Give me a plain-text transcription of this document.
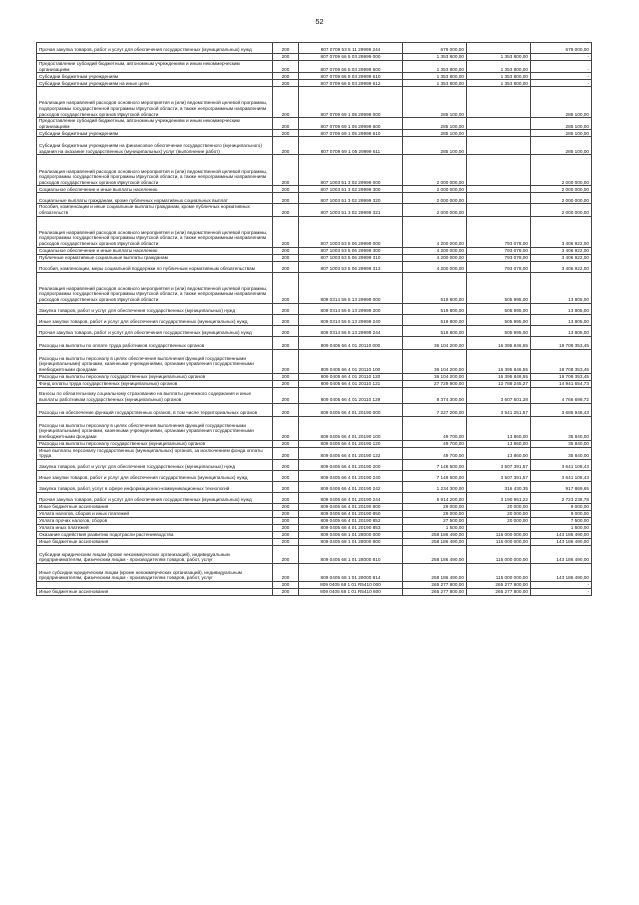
52
Прочая закупка товаров, работ и услуг для обеспечения государственных (муниципальных) нужд	200	807 0709 53 5 11 29999 244	679 000,00		679 000,00
	200	807 0709 66 5 03 29999 000	1 353 800,00	1 353 800,00	-
Предоставление субсидий бюджетным, автономным учреждениям и иным некоммерческим организациям	200	807 0709 66 5 03 29999 600	1 353 800,00	1 353 800,00	-
Субсидии бюджетным учреждениям	200	807 0709 66 5 03 29999 610	1 353 800,00	1 353 800,00	-
Субсидии бюджетным учреждениям на иные цели	200	807 0709 66 5 03 29999 612	1 353 800,00	1 353 800,00	-
Реализация направлений расходов основного мероприятия и (или) ведомственной целевой программы, подпрограммы государственной программы Иркутской области, а также непрограммным направлениям расходов государственных органов Иркутской области	200	807 0709 69 1 05 29999 000	285 100,00		285 100,00
Предоставление субсидий бюджетным, автономным учреждениям и иным некоммерческим организациям	200	807 0709 69 1 05 29999 600	285 100,00		285 100,00
Субсидии бюджетным учреждениям	200	807 0709 69 1 05 29999 610	285 100,00		285 100,00
Субсидии бюджетным учреждениям на финансовое обеспечение государственного (муниципального) задания на оказание государственных (муниципальных) услуг (выполнение работ)	200	807 0709 69 1 05 29999 611	285 100,00		285 100,00
Реализация направлений расходов основного мероприятия и (или) ведомственной целевой программы, подпрограммы государственной программы Иркутской области, а также непрограммным направлениям расходов государственных органов Иркутской области	200	807 1003 51 3 02 29999 000	2 000 000,00		2 000 000,00
Социальное обеспечение и иные выплаты населению	200	807 1003 51 3 02 29999 300	2 000 000,00		2 000 000,00
Социальные выплаты гражданам, кроме публичных нормативных социальных выплат	200	807 1003 51 3 02 29999 320	2 000 000,00		2 000 000,00
Пособия, компенсации и иные социальные выплаты гражданам, кроме публичных нормативных обязательств	200	807 1003 51 3 02 29999 321	2 000 000,00		2 000 000,00
Реализация направлений расходов основного мероприятия и (или) ведомственной целевой программы, подпрограммы государственной программы Иркутской области, а также непрограммным направлениям расходов государственных органов Иркутской области	200	807 1003 53 5 06 29999 000	4 200 000,00	793 078,00	3 406 922,00
Социальное обеспечение и иные выплаты населению	200	807 1003 53 5 06 29999 300	4 200 000,00	793 078,00	3 406 922,00
Публичные нормативные социальные выплаты гражданам	200	807 1003 53 5 06 29999 310	4 200 000,00	793 078,00	3 406 922,00
Пособия, компенсации, меры социальной поддержки по публичным нормативным обязательствам	200	807 1003 53 5 06 29999 313	4 200 000,00	793 078,00	3 406 922,00
Реализация направлений расходов основного мероприятия и (или) ведомственной целевой программы, подпрограммы государственной программы Иркутской области, а также непрограммным направлениям расходов государственных органов Иркутской области	200	809 0314 56 5 13 29999 000	519 800,00	505 995,00	13 805,00
Закупка товаров, работ и услуг для обеспечения государственных (муниципальных) нужд	200	809 0314 56 5 13 29999 200	519 800,00	505 995,00	13 805,00
Иные закупки товаров, работ и услуг для обеспечения государственных (муниципальных) нужд	200	809 0314 56 5 13 29999 240	519 800,00	505 995,00	13 805,00
Прочая закупка товаров, работ и услуг для обеспечения государственных (муниципальных) нужд	200	809 0314 56 5 13 29999 244	519 800,00	505 995,00	13 805,00
Расходы на выплаты по оплате труда работников государственных органов	200	809 0405 66 4 01 20110 000	36 104 200,00	16 395 846,55	19 708 353,45
Расходы на выплаты персоналу в целях обеспечения выполнения функций государственными (муниципальными) органами, казенными учреждениями, органами управления государственными внебюджетными фондами	200	809 0405 66 4 01 20110 100	36 104 200,00	16 395 846,55	19 708 353,45
Расходы на выплаты персоналу государственных (муниципальных) органов	200	809 0405 66 4 01 20110 120	36 104 200,00	16 395 846,55	19 708 353,45
Фонд оплаты труда государственных (муниципальных) органов	200	809 0405 66 4 01 20110 121	27 729 900,00	12 788 245,27	14 941 654,73
Взносы по обязательному социальному страхованию на выплаты денежного содержания и иные выплаты работникам государственных (муниципальных) органов	200	809 0405 66 4 01 20110 129	8 374 300,00	3 607 601,28	4 766 698,72
Расходы на обеспечение функций государственных органов, в том числе территориальных органов	200	809 0405 66 4 01 20190 000	7 227 200,00	3 541 251,57	3 685 948,43
Расходы на выплаты персоналу в целях обеспечения выполнения функций государственными (муниципальными) органами, казенными учреждениями, органами управления государственными внебюджетными фондами	200	809 0405 66 4 01 20190 100	49 700,00	13 860,00	35 840,00
Расходы на выплаты персоналу государственных (муниципальных) органов	200	809 0405 66 4 01 20190 120	49 700,00	13 860,00	35 840,00
Иные выплаты персоналу государственных (муниципальных) органов, за исключением фонда оплаты труда	200	809 0405 66 4 01 20190 122	49 700,00	13 860,00	35 840,00
Закупка товаров, работ и услуг для обеспечения государственных (муниципальных) нужд	200	809 0405 66 4 01 20190 200	7 148 500,00	3 507 391,57	3 641 108,43
Иные закупки товаров, работ и услуг для обеспечения государственных (муниципальных) нужд	200	809 0405 66 4 01 20190 240	7 148 500,00	3 507 391,57	3 641 108,43
Закупка товаров, работ, услуг в сфере информационно-коммуникационных технологий	200	809 0405 66 4 01 20190 242	1 234 300,00	316 430,35	917 869,65
Прочая закупка товаров, работ и услуг для обеспечения государственных (муниципальных) нужд	200	809 0405 66 4 01 20190 244	5 914 200,00	3 190 961,22	2 723 238,78
Иные бюджетные ассигнования	200	809 0405 66 4 01 20190 800	29 000,00	20 000,00	9 000,00
Уплата налогов, сборов и иных платежей	200	809 0405 66 4 01 20190 850	29 000,00	20 000,00	9 000,00
Уплата прочих налогов, сборов	200	809 0405 66 4 01 20190 852	27 500,00	20 000,00	7 500,00
Уплата иных платежей	200	809 0405 66 4 01 20190 853	1 500,00		1 500,00
Оказание содействия развитию подотрасли растениеводства	200	809 0405 68 1 01 28000 000	258 186 490,00	115 000 000,00	143 186 490,00
Иные бюджетные ассигнования	200	809 0405 68 1 01 28000 800	258 186 490,00	115 000 000,00	143 186 490,00
Субсидии юридическим лицам (кроме некоммерческих организаций), индивидуальным предпринимателям, физическим лицам - производителям товаров, работ, услуг	200	809 0405 68 1 01 28000 810	258 186 490,00	115 000 000,00	143 186 490,00
Иные субсидии юридическим лицам (кроме некоммерческих организаций), индивидуальным предпринимателям, физическим лицам - производителям товаров, работ, услуг	200	809 0405 68 1 01 28000 814	258 186 490,00	115 000 000,00	143 186 490,00
	200	809 0405 68 1 01 R5410 000	265 277 800,00	265 277 800,00	-
Иные бюджетные ассигнования	200	809 0405 68 1 01 R5410 800	265 277 800,00	265 277 800,00	-
